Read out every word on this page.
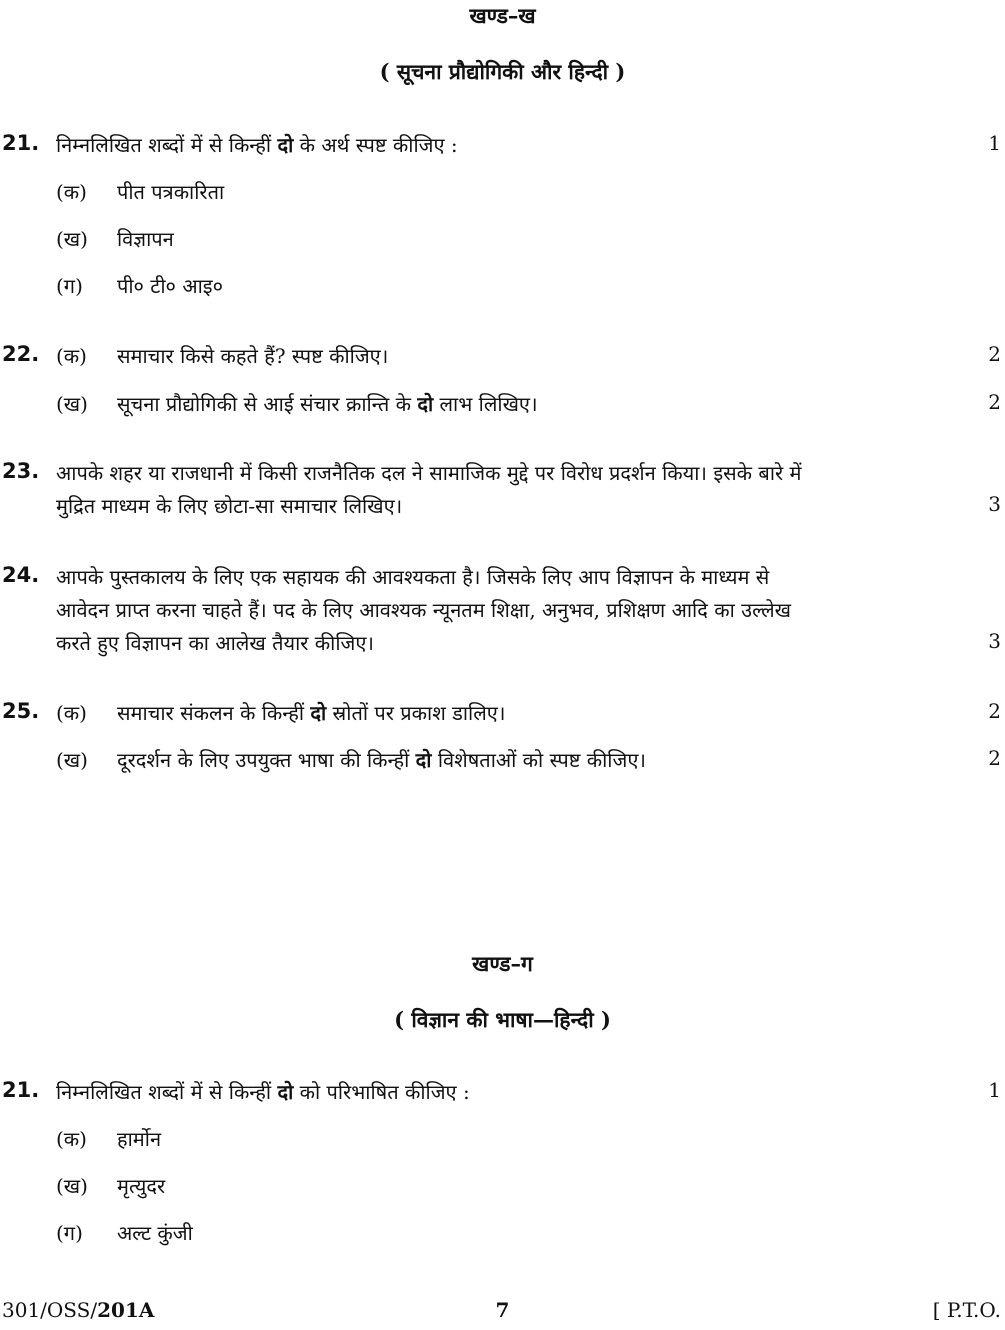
खण्ड–ख
( सूचना प्रौद्योगिकी और हिन्दी )
21. निम्नलिखित शब्दों में से किन्हीं दो के अर्थ स्पष्ट कीजिए :	1
(क) पीत पत्रकारिता
(ख) विज्ञापन
(ग) पी० टी० आइ०
22. (क) समाचार किसे कहते हैं? स्पष्ट कीजिए।	2
(ख) सूचना प्रौद्योगिकी से आई संचार क्रान्ति के दो लाभ लिखिए।	2
23. आपके शहर या राजधानी में किसी राजनैतिक दल ने सामाजिक मुद्दे पर विरोध प्रदर्शन किया। इसके बारे में
मुद्रित माध्यम के लिए छोटा-सा समाचार लिखिए।	3
24. आपके पुस्तकालय के लिए एक सहायक की आवश्यकता है। जिसके लिए आप विज्ञापन के माध्यम से
आवेदन प्राप्त करना चाहते हैं। पद के लिए आवश्यक न्यूनतम शिक्षा, अनुभव, प्रशिक्षण आदि का उल्लेख
करते हुए विज्ञापन का आलेख तैयार कीजिए।	3
25. (क) समाचार संकलन के किन्हीं दो स्रोतों पर प्रकाश डालिए।	2
(ख) दूरदर्शन के लिए उपयुक्त भाषा की किन्हीं दो विशेषताओं को स्पष्ट कीजिए।	2
खण्ड–ग
( विज्ञान की भाषा—हिन्दी )
21. निम्नलिखित शब्दों में से किन्हीं दो को परिभाषित कीजिए :	1
(क) हार्मोन
(ख) मृत्युदर
(ग) अल्ट कुंजी
301/OSS/201A	7	[ P.T.O.
